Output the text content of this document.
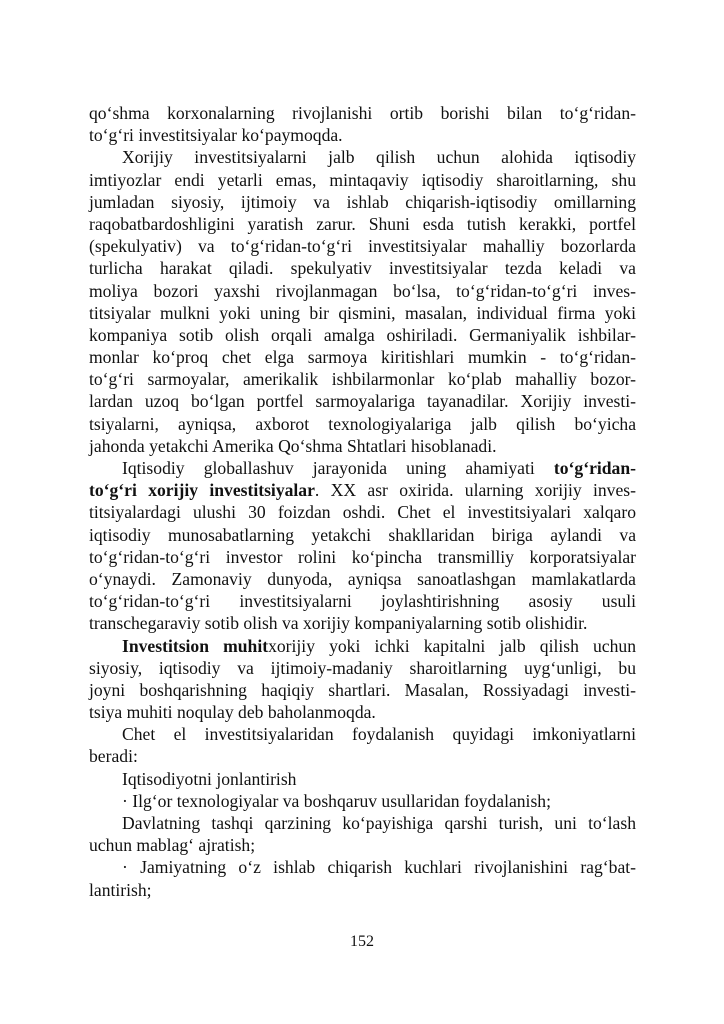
qo‘shma korxonalarning rivojlanishi ortib borishi bilan to‘g‘ridan-
to‘g‘ri investitsiyalar ko‘paymoqda.
Xorijiy investitsiyalarni jalb qilish uchun alohida iqtisodiy
imtiyozlar endi yetarli emas, mintaqaviy iqtisodiy sharoitlarning, shu
jumladan siyosiy, ijtimoiy va ishlab chiqarish-iqtisodiy omillarning
raqobatbardoshligini yaratish zarur. Shuni esda tutish kerakki, portfel
(spekulyativ) va to‘g‘ridan-to‘g‘ri investitsiyalar mahalliy bozorlarda
turlicha harakat qiladi. spekulyativ investitsiyalar tezda keladi va
moliya bozori yaxshi rivojlanmagan bo‘lsa, to‘g‘ridan-to‘g‘ri inves-
titsiyalar mulkni yoki uning bir qismini, masalan, individual firma yoki
kompaniya sotib olish orqali amalga oshiriladi. Germaniyalik ishbilar-
monlar ko‘proq chet elga sarmoya kiritishlari mumkin - to‘g‘ridan-
to‘g‘ri sarmoyalar, amerikalik ishbilarmonlar ko‘plab mahalliy bozor-
lardan uzoq bo‘lgan portfel sarmoyalariga tayanadilar. Xorijiy investi-
tsiyalarni, ayniqsa, axborot texnologiyalariga jalb qilish bo‘yicha
jahonda yetakchi Amerika Qo‘shma Shtatlari hisoblanadi.
Iqtisodiy globallashuv jarayonida uning ahamiyati to‘g‘ridan-
to‘g‘ri xorijiy investitsiyalar. XX asr oxirida. ularning xorijiy inves-
titsiyalardagi ulushi 30 foizdan oshdi. Chet el investitsiyalari xalqaro
iqtisodiy munosabatlarning yetakchi shakllaridan biriga aylandi va
to‘g‘ridan-to‘g‘ri investor rolini ko‘pincha transmilliy korporatsiyalar
o‘ynaydi. Zamonaviy dunyoda, ayniqsa sanoatlashgan mamlakatlarda
to‘g‘ridan-to‘g‘ri investitsiyalarni joylashtirishning asosiy usuli
transchegaraviy sotib olish va xorijiy kompaniyalarning sotib olishidir.
Investitsion muhitxorijiy yoki ichki kapitalni jalb qilish uchun
siyosiy, iqtisodiy va ijtimoiy-madaniy sharoitlarning uyg‘unligi, bu
joyni boshqarishning haqiqiy shartlari. Masalan, Rossiyadagi investi-
tsiya muhiti noqulay deb baholanmoqda.
Chet el investitsiyalaridan foydalanish quyidagi imkoniyatlarni
beradi:
Iqtisodiyotni jonlantirish
· Ilg‘or texnologiyalar va boshqaruv usullaridan foydalanish;
Davlatning tashqi qarzining ko‘payishiga qarshi turish, uni to‘lash
uchun mablag‘ ajratish;
· Jamiyatning o‘z ishlab chiqarish kuchlari rivojlanishini rag‘bat-
lantirish;
152
